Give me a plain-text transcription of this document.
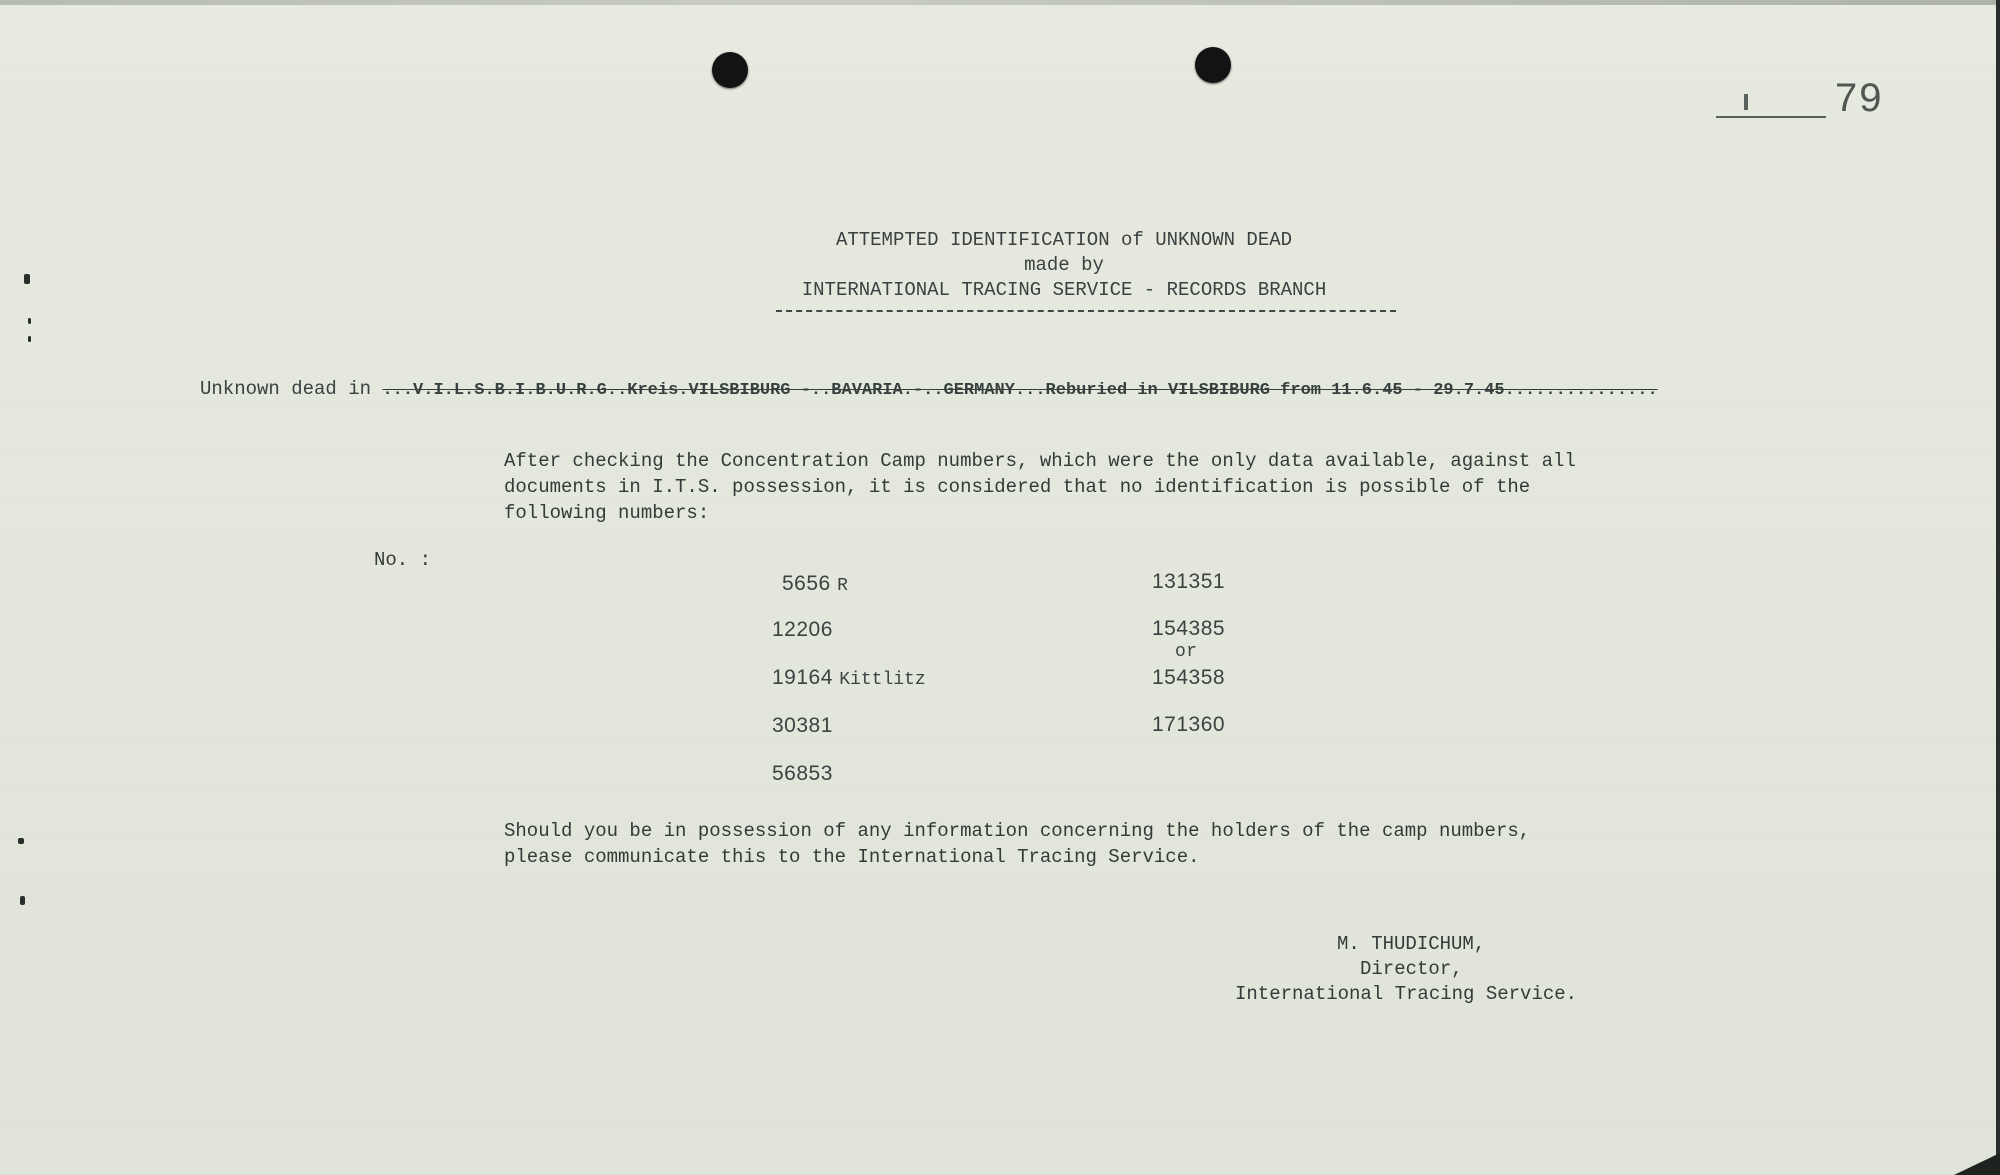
79

ATTEMPTED IDENTIFICATION of UNKNOWN DEAD

made by

INTERNATIONAL TRACING SERVICE - RECORDS BRANCH

Unknown dead in ...V.I.L.S.B.I.B.U.R.G..Kreis.VILSBIBURG -..BAVARIA.-..GERMANY...Reburied in VILSBIBURG from 11.6.45 - 29.7.45...............

After checking the Concentration Camp numbers, which were the only data available, against all
documents in I.T.S. possession, it is considered that no identification is possible of the
following numbers:

No. :

5656 R
12206
19164 Kittlitz
30381
56853
131351
154385
or
154358
171360

Should you be in possession of any information concerning the holders of the camp numbers,
please communicate this to the International Tracing Service.

M. THUDICHUM,

Director,

International Tracing Service.
